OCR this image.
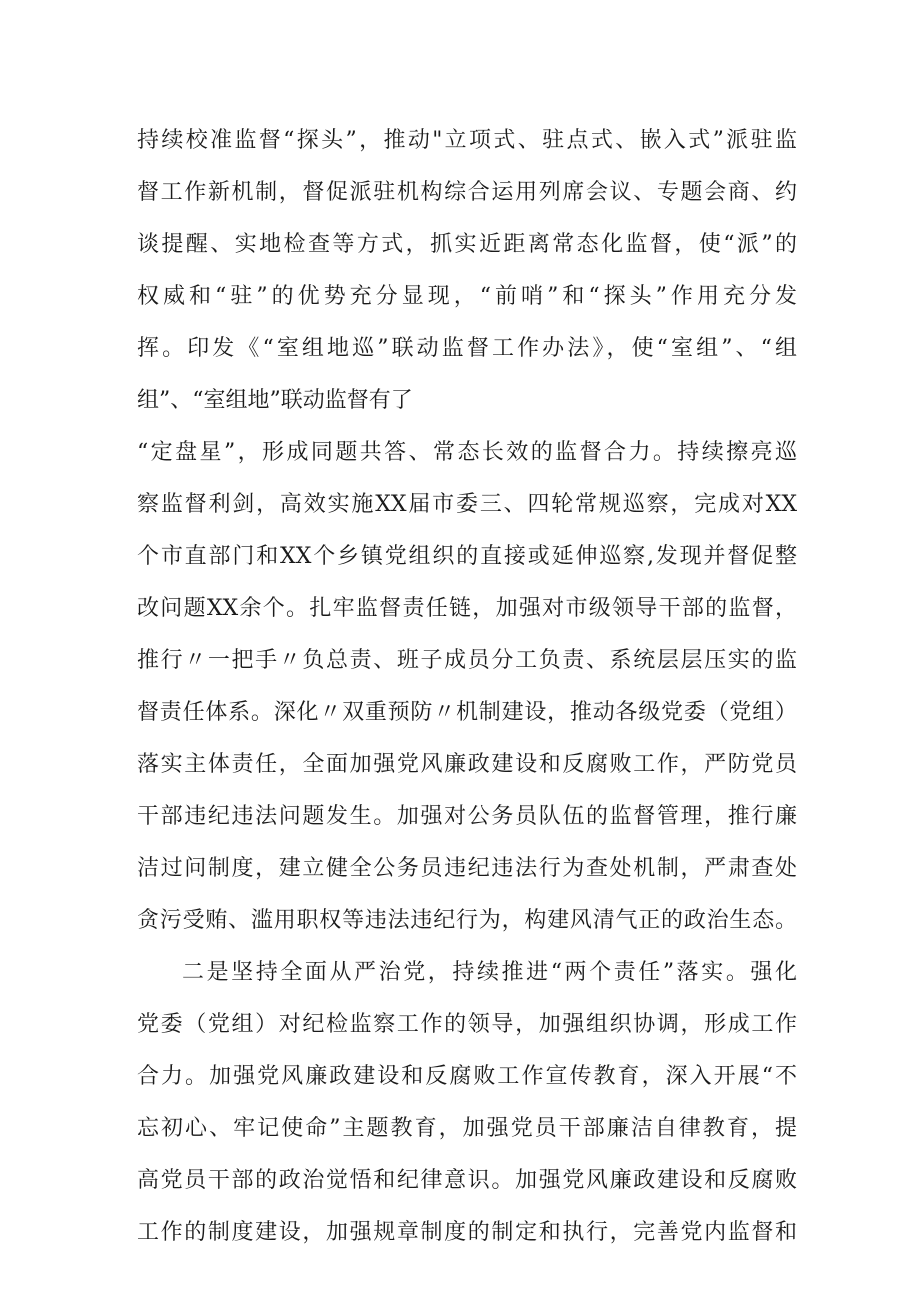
持续校准监督“探头”，推动"立项式、驻点式、嵌入式”派驻监
督工作新机制，督促派驻机构综合运用列席会议、专题会商、约
谈提醒、实地检查等方式，抓实近距离常态化监督，使“派”的
权威和“驻”的优势充分显现，“前哨”和“探头”作用充分发
挥。印发《“室组地巡”联动监督工作办法》，使“室组”、“组
组”、“室组地”联动监督有了
“定盘星”，形成同题共答、常态长效的监督合力。持续擦亮巡
察监督利剑，高效实施XX届市委三、四轮常规巡察，完成对XX
个市直部门和XX个乡镇党组织的直接或延伸巡察,发现并督促整
改问题XX余个。扎牢监督责任链，加强对市级领导干部的监督，
推行〃一把手〃负总责、班子成员分工负责、系统层层压实的监
督责任体系。深化〃双重预防〃机制建设，推动各级党委（党组）
落实主体责任，全面加强党风廉政建设和反腐败工作，严防党员
干部违纪违法问题发生。加强对公务员队伍的监督管理，推行廉
洁过问制度，建立健全公务员违纪违法行为查处机制，严肃查处
贪污受贿、滥用职权等违法违纪行为，构建风清气正的政治生态。
二是坚持全面从严治党，持续推进“两个责任”落实。强化
党委（党组）对纪检监察工作的领导，加强组织协调，形成工作
合力。加强党风廉政建设和反腐败工作宣传教育，深入开展“不
忘初心、牢记使命”主题教育，加强党员干部廉洁自律教育，提
高党员干部的政治觉悟和纪律意识。加强党风廉政建设和反腐败
工作的制度建设，加强规章制度的制定和执行，完善党内监督和
